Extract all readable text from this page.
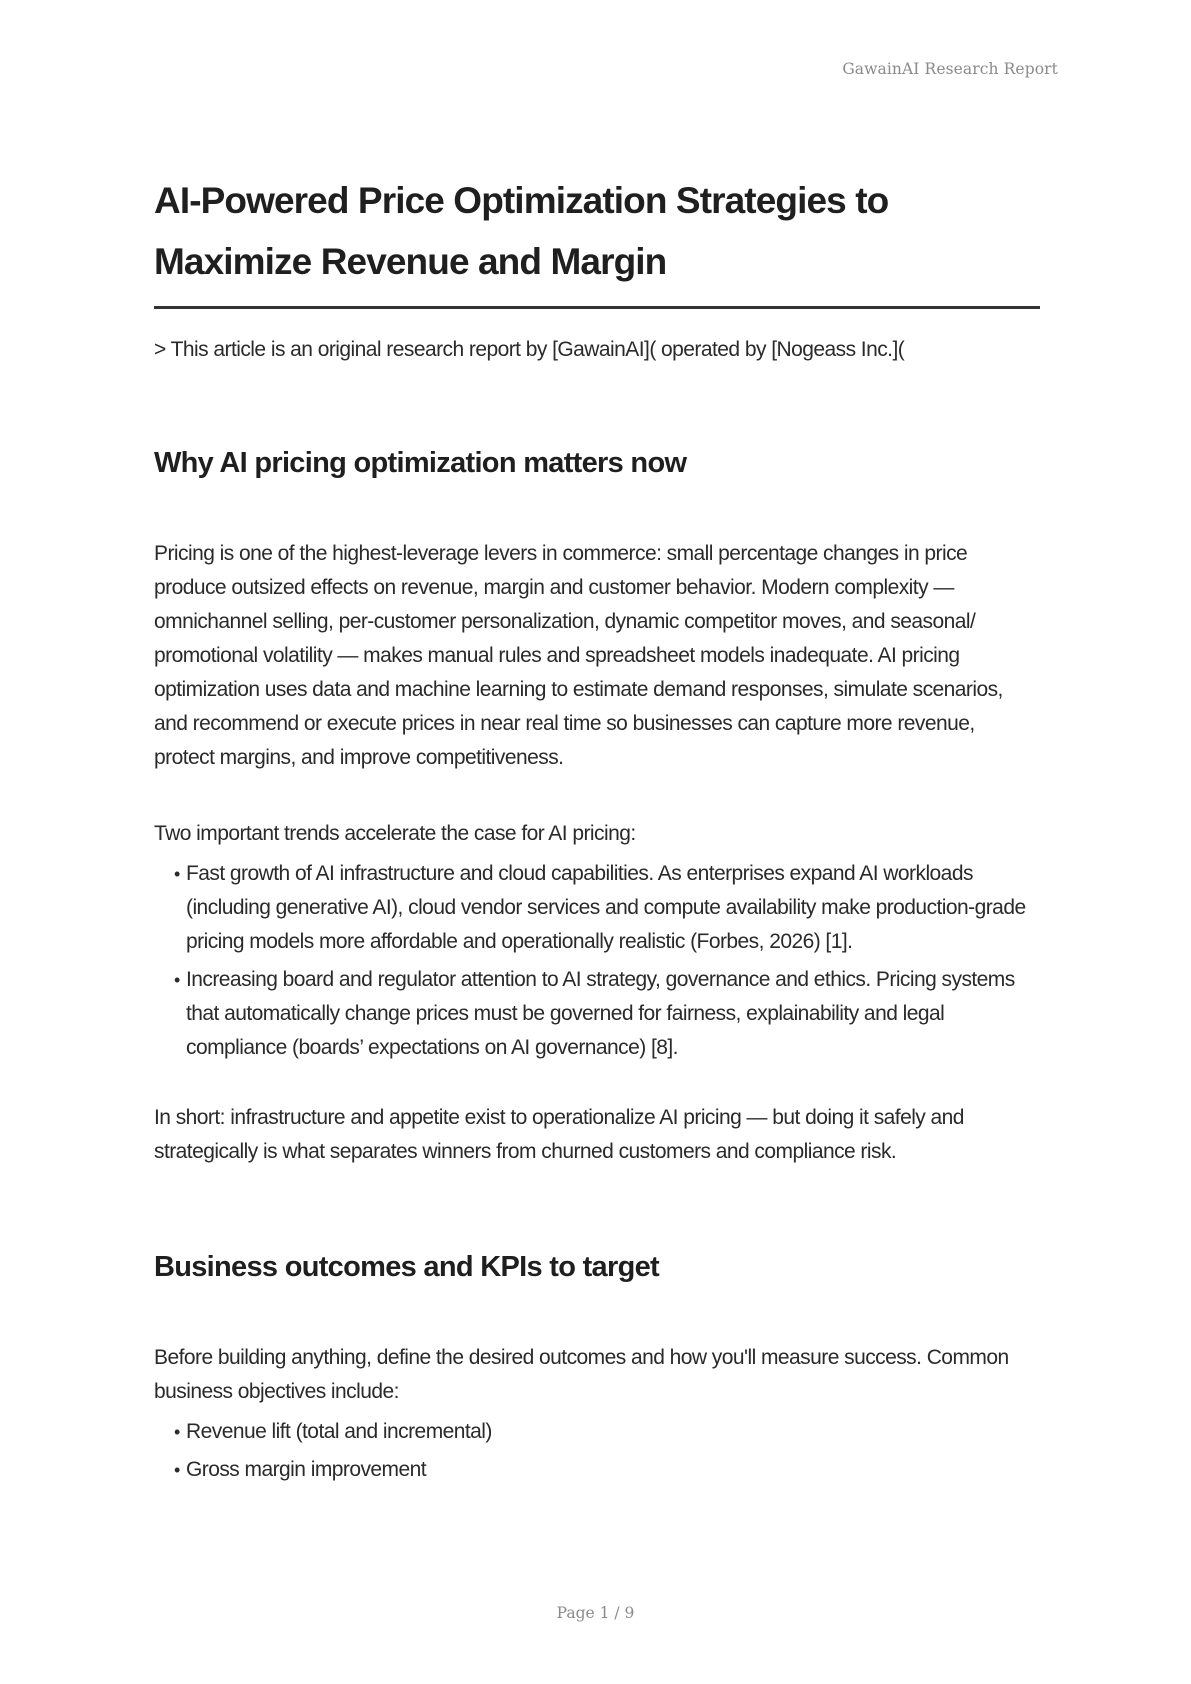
GawainAI Research Report
AI-Powered Price Optimization Strategies to Maximize Revenue and Margin
> This article is an original research report by [GawainAI]( operated by [Nogeass Inc.](
Why AI pricing optimization matters now

Pricing is one of the highest-leverage levers in commerce: small percentage changes in price produce outsized effects on revenue, margin and customer behavior. Modern complexity — omnichannel selling, per-customer personalization, dynamic competitor moves, and seasonal/ promotional volatility — makes manual rules and spreadsheet models inadequate. AI pricing optimization uses data and machine learning to estimate demand responses, simulate scenarios, and recommend or execute prices in near real time so businesses can capture more revenue, protect margins, and improve competitiveness.

Two important trends accelerate the case for AI pricing:

• Fast growth of AI infrastructure and cloud capabilities. As enterprises expand AI workloads (including generative AI), cloud vendor services and compute availability make production-grade pricing models more affordable and operationally realistic (Forbes, 2026) [1].
• Increasing board and regulator attention to AI strategy, governance and ethics. Pricing systems that automatically change prices must be governed for fairness, explainability and legal compliance (boards’ expectations on AI governance) [8].

In short: infrastructure and appetite exist to operationalize AI pricing — but doing it safely and strategically is what separates winners from churned customers and compliance risk.

Business outcomes and KPIs to target

Before building anything, define the desired outcomes and how you'll measure success. Common business objectives include:

• Revenue lift (total and incremental)
• Gross margin improvement
Page 1 / 9
